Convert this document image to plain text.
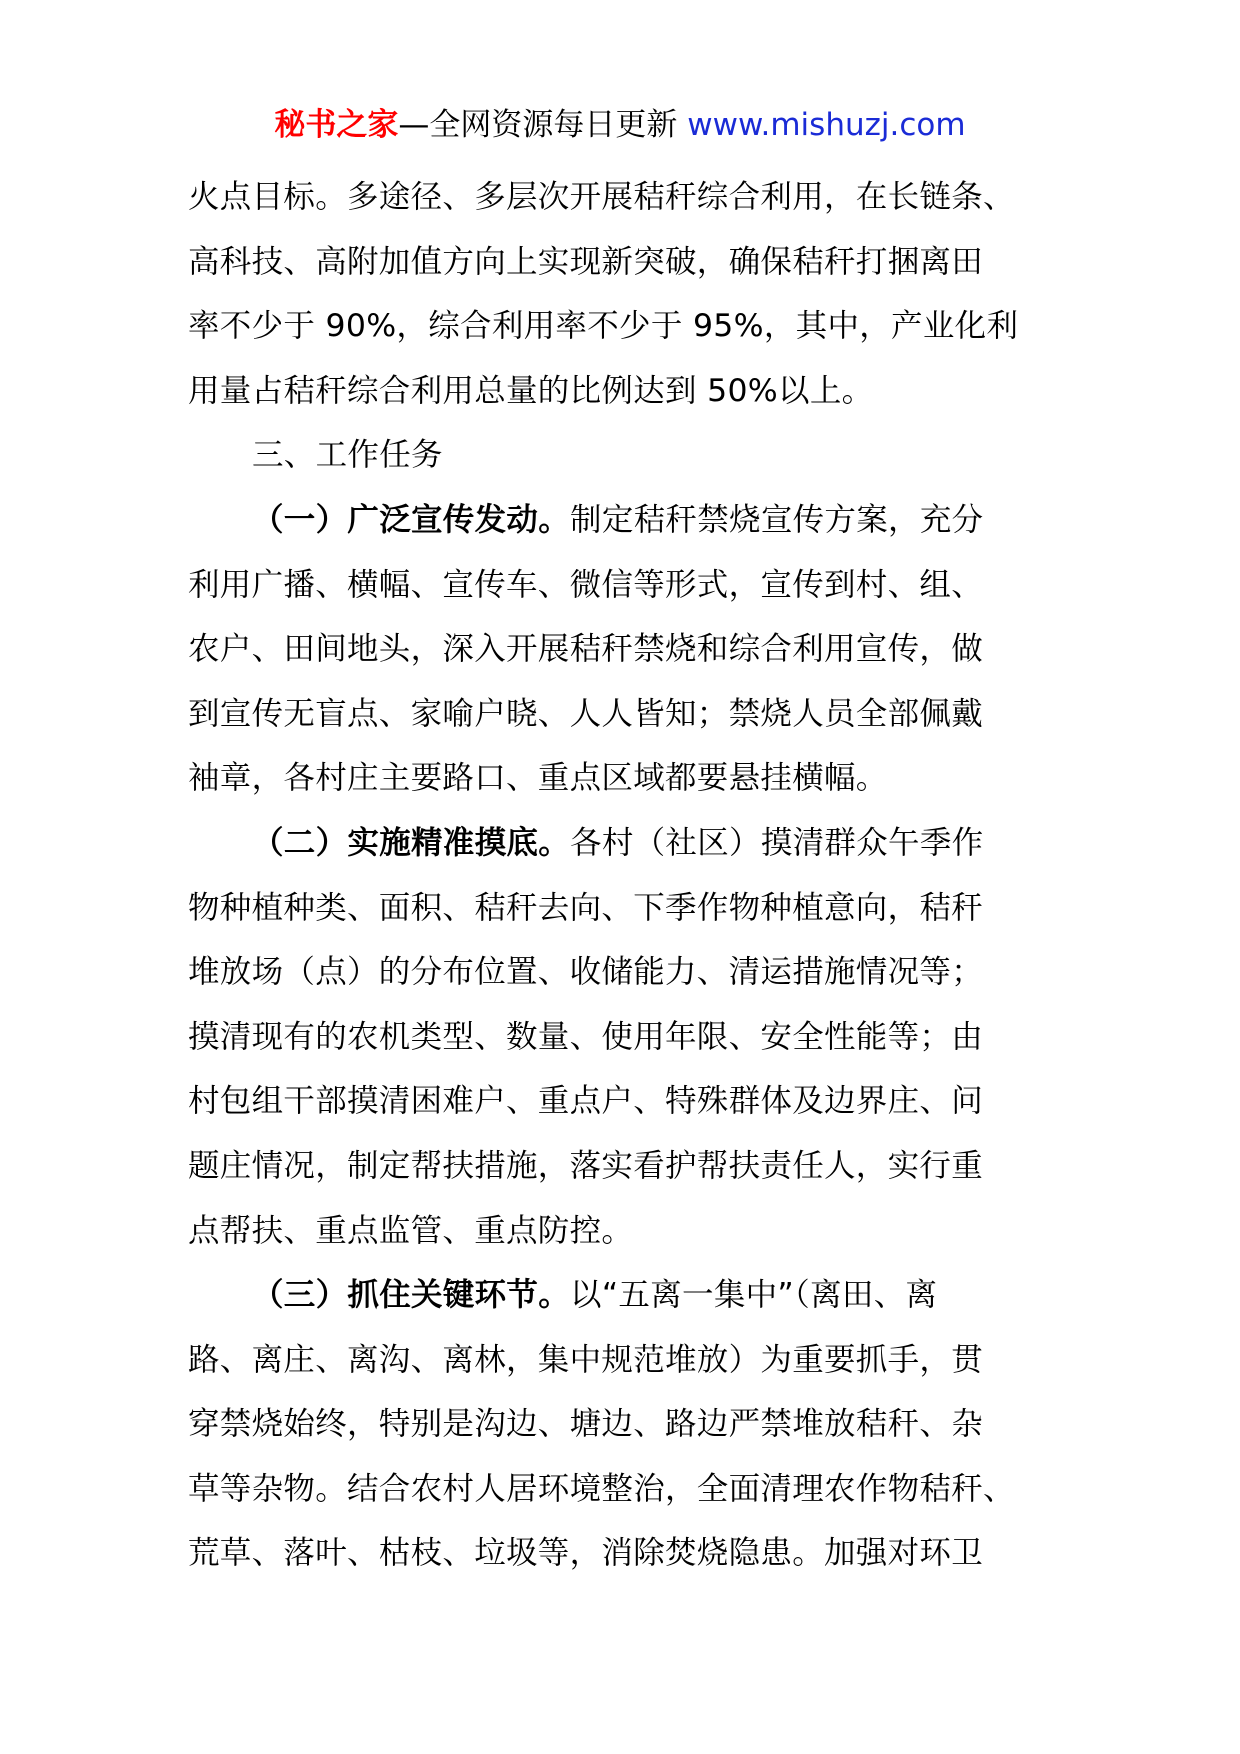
秘书之家—全网资源每日更新 www.mishuzj.com
火点目标。多途径、多层次开展秸秆综合利用，在长链条、
高科技、高附加值方向上实现新突破，确保秸秆打捆离田
率不少于 90%，综合利用率不少于 95%，其中，产业化利
用量占秸秆综合利用总量的比例达到 50%以上。
三、工作任务
（一）广泛宣传发动。制定秸秆禁烧宣传方案，充分
利用广播、横幅、宣传车、微信等形式，宣传到村、组、
农户、田间地头，深入开展秸秆禁烧和综合利用宣传，做
到宣传无盲点、家喻户晓、人人皆知；禁烧人员全部佩戴
袖章，各村庄主要路口、重点区域都要悬挂横幅。
（二）实施精准摸底。各村（社区）摸清群众午季作
物种植种类、面积、秸秆去向、下季作物种植意向，秸秆
堆放场（点）的分布位置、收储能力、清运措施情况等；
摸清现有的农机类型、数量、使用年限、安全性能等；由
村包组干部摸清困难户、重点户、特殊群体及边界庄、问
题庄情况，制定帮扶措施，落实看护帮扶责任人，实行重
点帮扶、重点监管、重点防控。
（三）抓住关键环节。以“五离一集中”（离田、离
路、离庄、离沟、离林，集中规范堆放）为重要抓手，贯
穿禁烧始终，特别是沟边、塘边、路边严禁堆放秸秆、杂
草等杂物。结合农村人居环境整治，全面清理农作物秸秆、
荒草、落叶、枯枝、垃圾等，消除焚烧隐患。加强对环卫
